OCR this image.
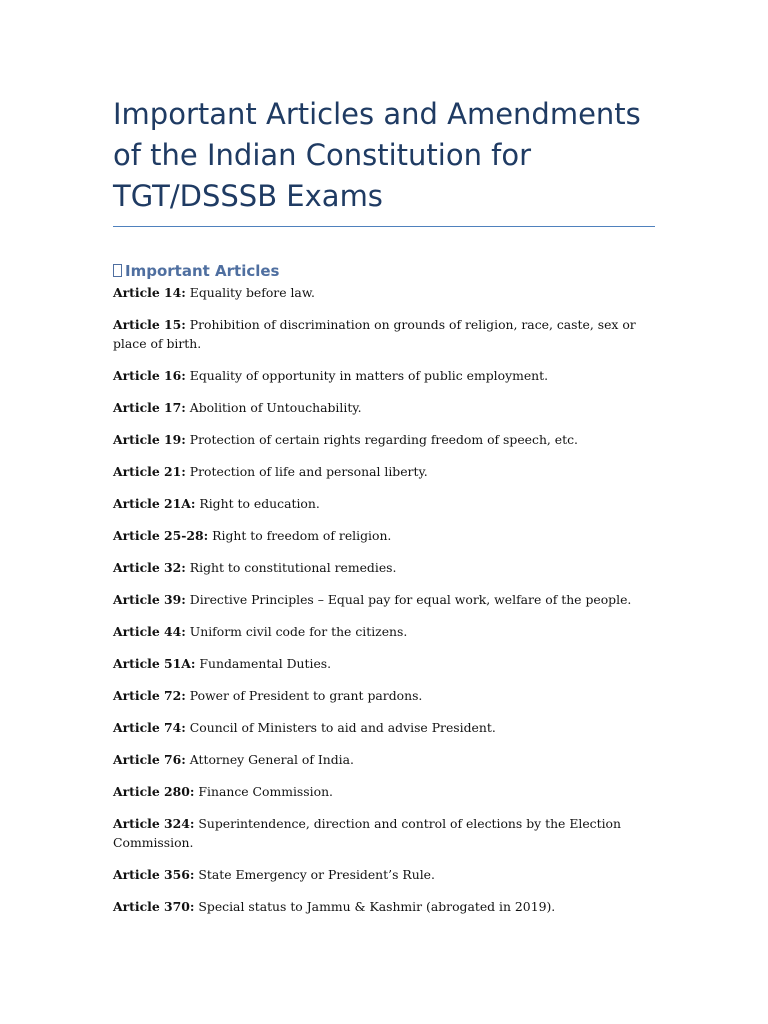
Important Articles and Amendments of the Indian Constitution for TGT/DSSSB Exams
Important Articles

Article 14: Equality before law.

Article 15: Prohibition of discrimination on grounds of religion, race, caste, sex or place of birth.

Article 16: Equality of opportunity in matters of public employment.

Article 17: Abolition of Untouchability.

Article 19: Protection of certain rights regarding freedom of speech, etc.

Article 21: Protection of life and personal liberty.

Article 21A: Right to education.

Article 25-28: Right to freedom of religion.

Article 32: Right to constitutional remedies.

Article 39: Directive Principles – Equal pay for equal work, welfare of the people.

Article 44: Uniform civil code for the citizens.

Article 51A: Fundamental Duties.

Article 72: Power of President to grant pardons.

Article 74: Council of Ministers to aid and advise President.

Article 76: Attorney General of India.

Article 280: Finance Commission.

Article 324: Superintendence, direction and control of elections by the Election Commission.

Article 356: State Emergency or President’s Rule.

Article 370: Special status to Jammu & Kashmir (abrogated in 2019).
